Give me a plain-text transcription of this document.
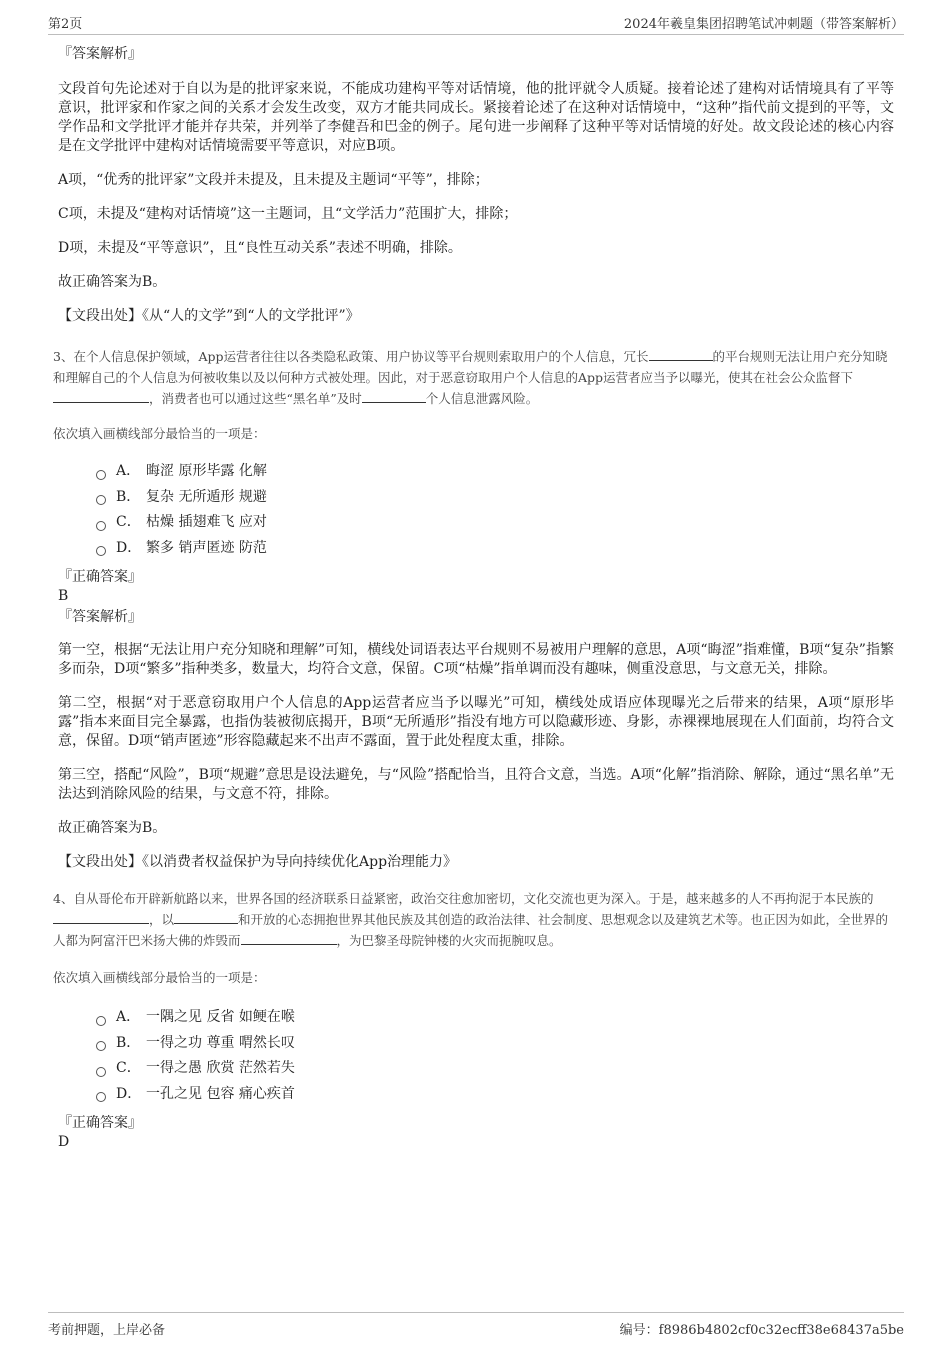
第2页	2024年羲皇集团招聘笔试冲刺题（带答案解析）

『答案解析』

文段首句先论述对于自以为是的批评家来说，不能成功建构平等对话情境，他的批评就令人质疑。接着论述了建构对话情境具有了平等意识，批评家和作家之间的关系才会发生改变，双方才能共同成长。紧接着论述了在这种对话情境中，“这种”指代前文提到的平等，文学作品和文学批评才能并存共荣，并列举了李健吾和巴金的例子。尾句进一步阐释了这种平等对话情境的好处。故文段论述的核心内容是在文学批评中建构对话情境需要平等意识，对应B项。

A项，“优秀的批评家”文段并未提及，且未提及主题词“平等”，排除；

C项，未提及“建构对话情境”这一主题词，且“文学活力”范围扩大，排除；

D项，未提及“平等意识”，且“良性互动关系”表述不明确，排除。

故正确答案为B。

【文段出处】《从“人的文学”到“人的文学批评”》

3、在个人信息保护领域，App运营者往往以各类隐私政策、用户协议等平台规则索取用户的个人信息，冗长	的平台规则无法让用户充分知晓和理解自己的个人信息为何被收集以及以何种方式被处理。因此，对于恶意窃取用户个人信息的App运营者应当予以曝光，使其在社会公众监督下，消费者也可以通过这些“黑名单”及时	个人信息泄露风险。

依次填入画横线部分最恰当的一项是：

A． 晦涩 原形毕露 化解
B． 复杂 无所遁形 规避
C． 枯燥 插翅难飞 应对
D． 繁多 销声匿迹 防范

『正确答案』

B

『答案解析』

第一空，根据“无法让用户充分知晓和理解”可知，横线处词语表达平台规则不易被用户理解的意思，A项“晦涩”指难懂，B项“复杂”指繁多而杂，D项“繁多”指种类多，数量大，均符合文意，保留。C项“枯燥”指单调而没有趣味，侧重没意思，与文意无关，排除。

第二空，根据“对于恶意窃取用户个人信息的App运营者应当予以曝光”可知，横线处成语应体现曝光之后带来的结果，A项“原形毕露”指本来面目完全暴露，也指伪装被彻底揭开，B项“无所遁形”指没有地方可以隐藏形迹、身影，赤裸裸地展现在人们面前，均符合文意，保留。D项“销声匿迹”形容隐藏起来不出声不露面，置于此处程度太重，排除。

第三空，搭配“风险”，B项“规避”意思是设法避免，与“风险”搭配恰当，且符合文意，当选。A项“化解”指消除、解除，通过“黑名单”无法达到消除风险的结果，与文意不符，排除。

故正确答案为B。

【文段出处】《以消费者权益保护为导向持续优化App治理能力》

4、自从哥伦布开辟新航路以来，世界各国的经济联系日益紧密，政治交往愈加密切，文化交流也更为深入。于是，越来越多的人不再拘泥于本民族的，以	和开放的心态拥抱世界其他民族及其创造的政治法律、社会制度、思想观念以及建筑艺术等。也正因为如此，全世界的人都为阿富汗巴米扬大佛的炸毁而	，为巴黎圣母院钟楼的火灾而扼腕叹息。

依次填入画横线部分最恰当的一项是：

A． 一隅之见 反省 如鲠在喉
B． 一得之功 尊重 喟然长叹
C． 一得之愚 欣赏 茫然若失
D． 一孔之见 包容 痛心疾首

『正确答案』

D

考前押题，上岸必备	编号：f8986b4802cf0c32ecff38e68437a5be
